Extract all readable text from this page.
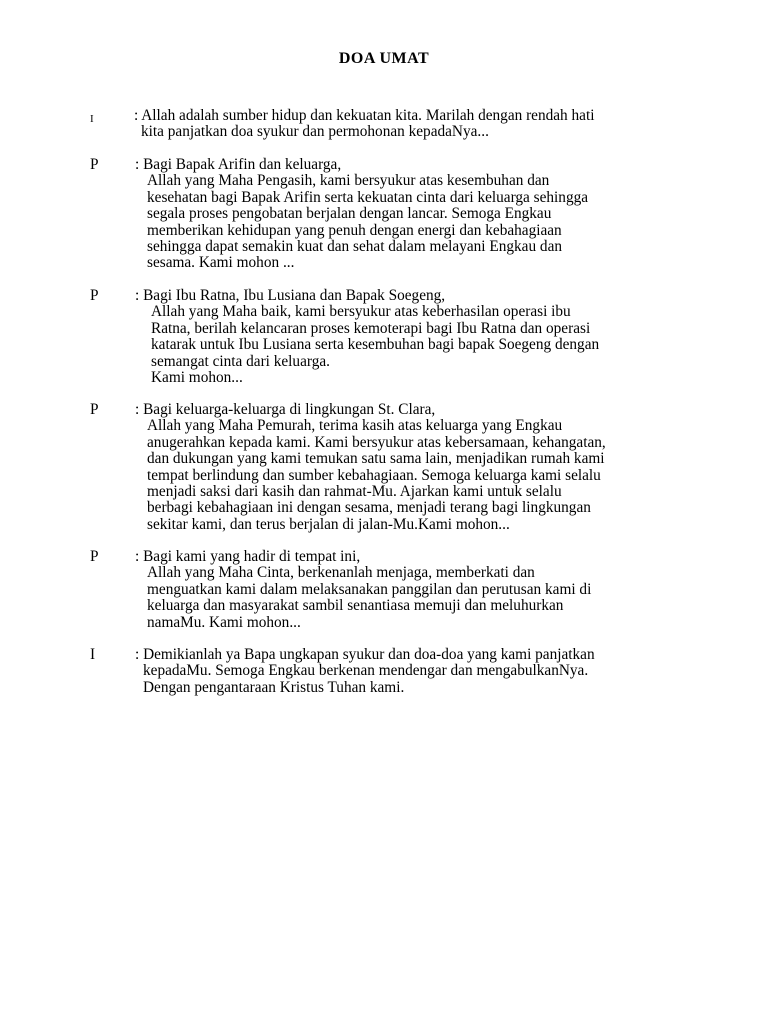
DOA UMAT
I	: Allah adalah sumber hidup dan kekuatan kita. Marilah dengan rendah hati
kita panjatkan doa syukur dan permohonan kepadaNya...
P : Bagi Bapak Arifin dan keluarga,
Allah yang Maha Pengasih, kami bersyukur atas kesembuhan dan
kesehatan bagi Bapak Arifin serta kekuatan cinta dari keluarga sehingga
segala proses pengobatan berjalan dengan lancar. Semoga Engkau
memberikan kehidupan yang penuh dengan energi dan kebahagiaan
sehingga dapat semakin kuat dan sehat dalam melayani Engkau dan
sesama. Kami mohon ...
P : Bagi Ibu Ratna, Ibu Lusiana dan Bapak Soegeng,
Allah yang Maha baik, kami bersyukur atas keberhasilan operasi ibu
Ratna, berilah kelancaran proses kemoterapi bagi Ibu Ratna dan operasi
katarak untuk Ibu Lusiana serta kesembuhan bagi bapak Soegeng dengan
semangat cinta dari keluarga.
Kami mohon...
P : Bagi keluarga-keluarga di lingkungan St. Clara,
Allah yang Maha Pemurah, terima kasih atas keluarga yang Engkau
anugerahkan kepada kami. Kami bersyukur atas kebersamaan, kehangatan,
dan dukungan yang kami temukan satu sama lain, menjadikan rumah kami
tempat berlindung dan sumber kebahagiaan. Semoga keluarga kami selalu
menjadi saksi dari kasih dan rahmat-Mu. Ajarkan kami untuk selalu
berbagi kebahagiaan ini dengan sesama, menjadi terang bagi lingkungan
sekitar kami, dan terus berjalan di jalan-Mu.Kami mohon...
P : Bagi kami yang hadir di tempat ini,
Allah yang Maha Cinta, berkenanlah menjaga, memberkati dan
menguatkan kami dalam melaksanakan panggilan dan perutusan kami di
keluarga dan masyarakat sambil senantiasa memuji dan meluhurkan
namaMu. Kami mohon...
I	: Demikianlah ya Bapa ungkapan syukur dan doa-doa yang kami panjatkan
kepadaMu. Semoga Engkau berkenan mendengar dan mengabulkanNya.
Dengan pengantaraan Kristus Tuhan kami.
